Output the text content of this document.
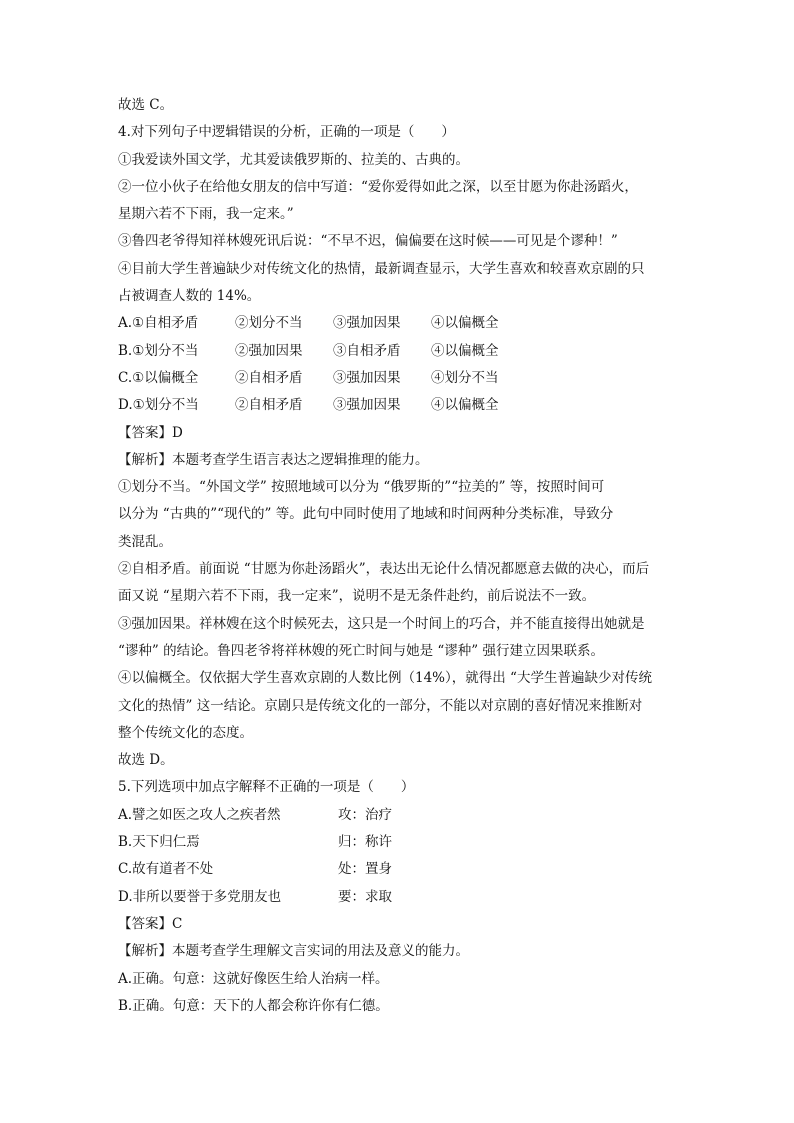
故选 C。

4.对下列句子中逻辑错误的分析，正确的一项是（　　）

①我爱读外国文学，尤其爱读俄罗斯的、拉美的、古典的。

②一位小伙子在给他女朋友的信中写道：“爱你爱得如此之深，以至甘愿为你赴汤蹈火，

星期六若不下雨，我一定来。”

③鲁四老爷得知祥林嫂死讯后说：“不早不迟，偏偏要在这时候——可见是个谬种！”

④目前大学生普遍缺少对传统文化的热情，最新调查显示，大学生喜欢和较喜欢京剧的只

占被调查人数的 14%。

A.①自相矛盾	②划分不当	③强加因果	④以偏概全
B.①划分不当	②强加因果	③自相矛盾	④以偏概全
C.①以偏概全	②自相矛盾	③强加因果	④划分不当
D.①划分不当	②自相矛盾	③强加因果	④以偏概全

【答案】D

【解析】本题考查学生语言表达之逻辑推理的能力。

①划分不当。“外国文学” 按照地域可以分为 “俄罗斯的”“拉美的” 等，按照时间可

以分为 “古典的”“现代的” 等。此句中同时使用了地域和时间两种分类标准，导致分

类混乱。

②自相矛盾。前面说 “甘愿为你赴汤蹈火”，表达出无论什么情况都愿意去做的决心，而后

面又说 “星期六若不下雨，我一定来”，说明不是无条件赴约，前后说法不一致。

③强加因果。祥林嫂在这个时候死去，这只是一个时间上的巧合，并不能直接得出她就是

“谬种” 的结论。鲁四老爷将祥林嫂的死亡时间与她是 “谬种” 强行建立因果联系。

④以偏概全。仅依据大学生喜欢京剧的人数比例（14%），就得出 “大学生普遍缺少对传统

文化的热情” 这一结论。京剧只是传统文化的一部分，不能以对京剧的喜好情况来推断对

整个传统文化的态度。

故选 D。

5.下列选项中加点字解释不正确的一项是（　　）

A.譬之如医之攻人之疾者然	攻：治疗
B.天下归仁焉	归：称许
C.故有道者不处	处：置身
D.非所以要誉于多党朋友也	要：求取

【答案】C

【解析】本题考查学生理解文言实词的用法及意义的能力。

A.正确。句意：这就好像医生给人治病一样。

B.正确。句意：天下的人都会称许你有仁德。
